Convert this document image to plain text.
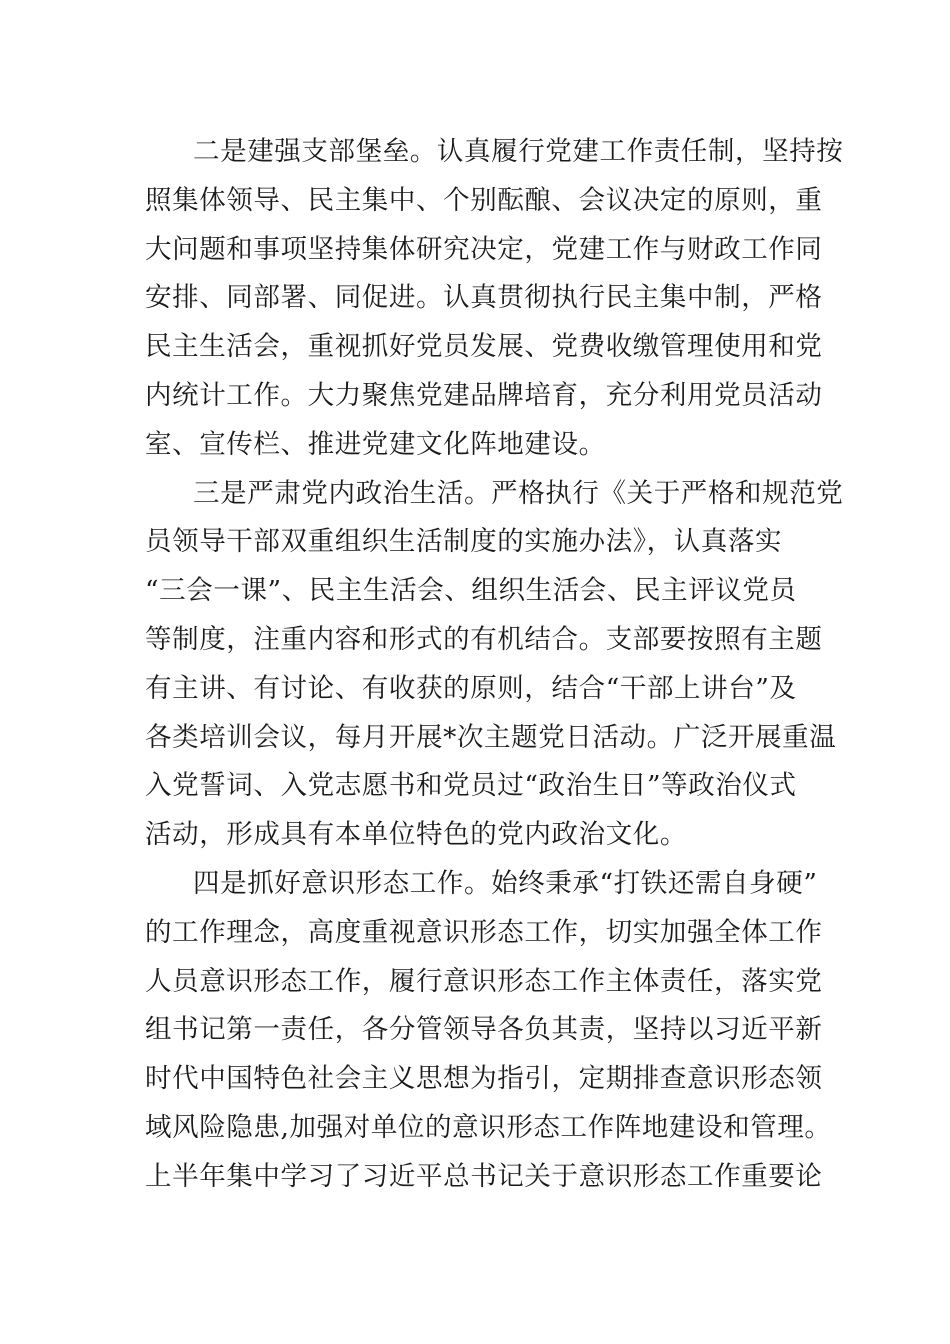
二是建强支部堡垒。认真履行党建工作责任制，坚持按
照集体领导、民主集中、个别酝酿、会议决定的原则，重
大问题和事项坚持集体研究决定，党建工作与财政工作同
安排、同部署、同促进。认真贯彻执行民主集中制，严格
民主生活会，重视抓好党员发展、党费收缴管理使用和党
内统计工作。大力聚焦党建品牌培育，充分利用党员活动
室、宣传栏、推进党建文化阵地建设。
三是严肃党内政治生活。严格执行《关于严格和规范党
员领导干部双重组织生活制度的实施办法》，认真落实
“三会一课”、民主生活会、组织生活会、民主评议党员
等制度，注重内容和形式的有机结合。支部要按照有主题
有主讲、有讨论、有收获的原则，结合“干部上讲台”及
各类培训会议，每月开展*次主题党日活动。广泛开展重温
入党誓词、入党志愿书和党员过“政治生日”等政治仪式
活动，形成具有本单位特色的党内政治文化。
四是抓好意识形态工作。始终秉承“打铁还需自身硬”
的工作理念，高度重视意识形态工作，切实加强全体工作
人员意识形态工作，履行意识形态工作主体责任，落实党
组书记第一责任，各分管领导各负其责，坚持以习近平新
时代中国特色社会主义思想为指引，定期排查意识形态领
域风险隐患,加强对单位的意识形态工作阵地建设和管理。
上半年集中学习了习近平总书记关于意识形态工作重要论
